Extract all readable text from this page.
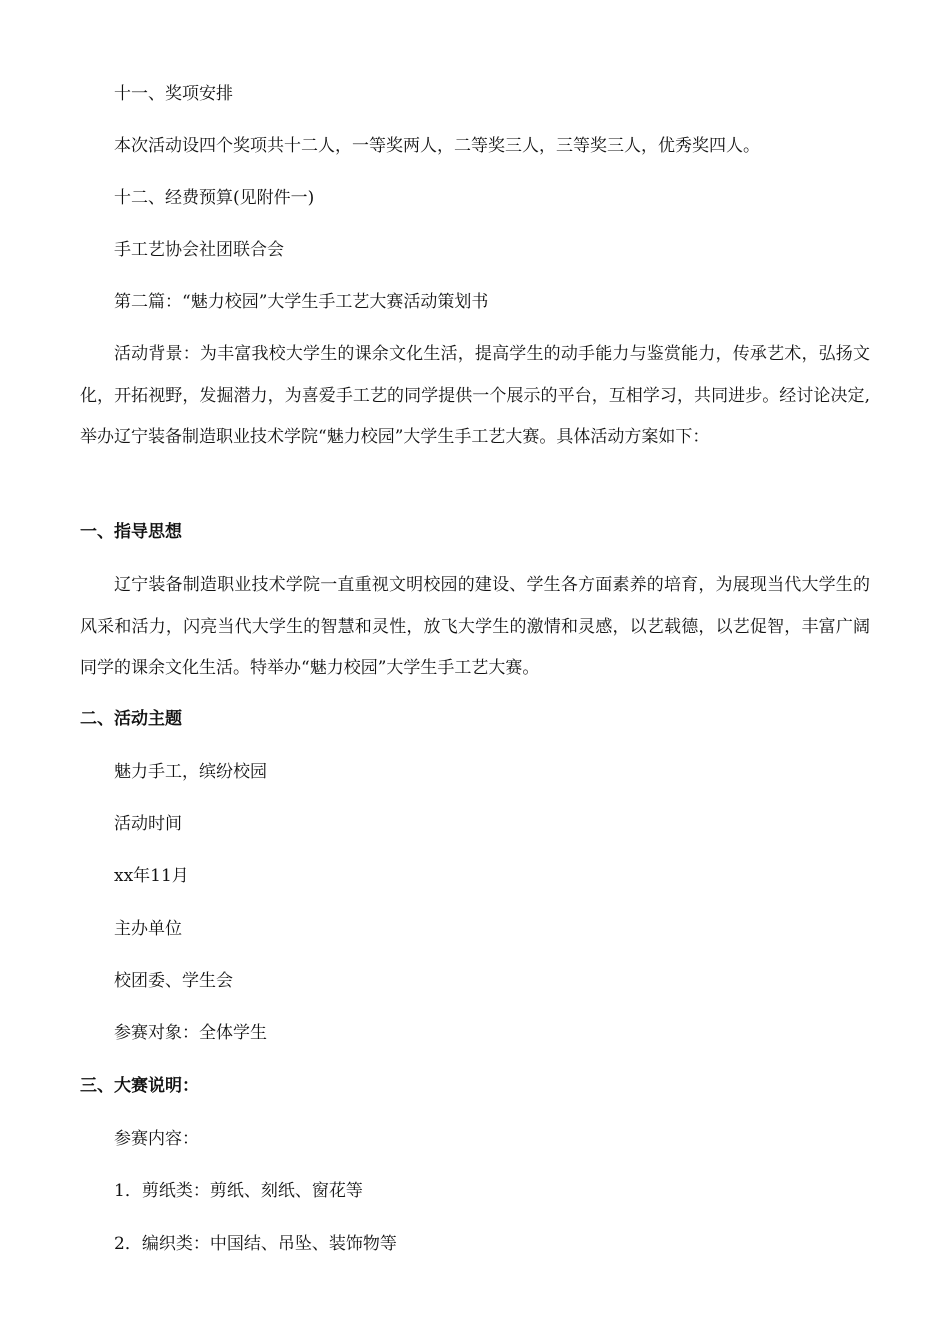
十一、奖项安排

本次活动设四个奖项共十二人，一等奖两人，二等奖三人，三等奖三人，优秀奖四人。

十二、经费预算(见附件一)

手工艺协会社团联合会

第二篇：“魅力校园”大学生手工艺大赛活动策划书

活动背景：为丰富我校大学生的课余文化生活，提高学生的动手能力与鉴赏能力，传承艺术，弘扬文化，开拓视野，发掘潜力，为喜爱手工艺的同学提供一个展示的平台，互相学习，共同进步。经讨论决定,举办辽宁装备制造职业技术学院“魅力校园”大学生手工艺大赛。具体活动方案如下：

一、指导思想

辽宁装备制造职业技术学院一直重视文明校园的建设、学生各方面素养的培育，为展现当代大学生的风采和活力，闪亮当代大学生的智慧和灵性，放飞大学生的激情和灵感，以艺载德，以艺促智，丰富广阔同学的课余文化生活。特举办“魅力校园”大学生手工艺大赛。

二、活动主题

魅力手工，缤纷校园

活动时间

xx年11月

主办单位

校团委、学生会

参赛对象：全体学生

三、大赛说明：

参赛内容：

1．剪纸类：剪纸、刻纸、窗花等

2．编织类：中国结、吊坠、装饰物等
